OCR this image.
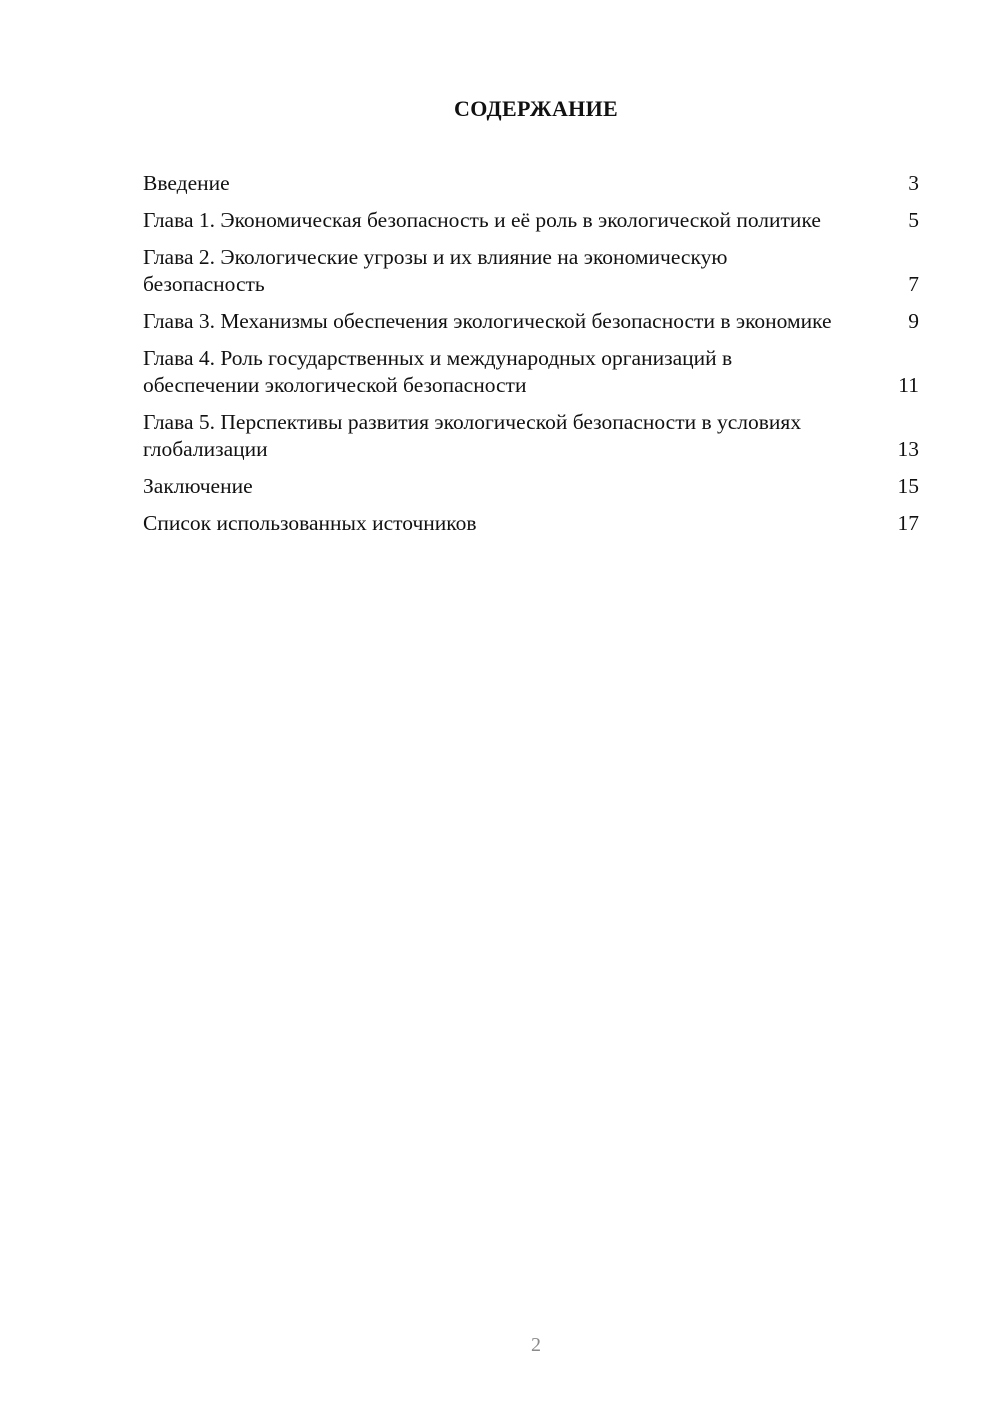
СОДЕРЖАНИЕ
Введение	3
Глава 1. Экономическая безопасность и её роль в экологической политике	5
Глава 2. Экологические угрозы и их влияние на экономическую безопасность	7
Глава 3. Механизмы обеспечения экологической безопасности в экономике	9
Глава 4. Роль государственных и международных организаций в обеспечении экологической безопасности	11
Глава 5. Перспективы развития экологической безопасности в условиях глобализации	13
Заключение	15
Список использованных источников	17
2
